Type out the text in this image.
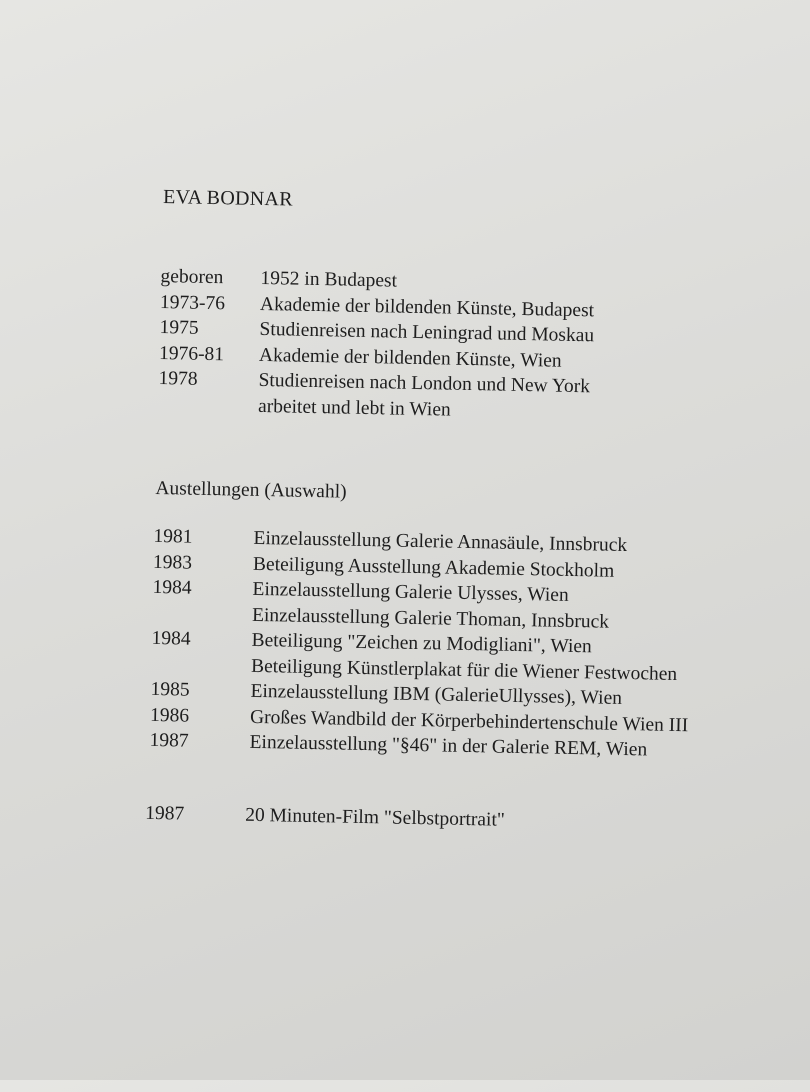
EVA BODNAR
geboren 1952 in Budapest
1973-76 Akademie der bildenden Künste, Budapest
1975	Studienreisen nach Leningrad und Moskau
1976-81 Akademie der bildenden Künste, Wien
1978	Studienreisen nach London und New York
arbeitet und lebt in Wien
Austellungen (Auswahl)
1981	Einzelausstellung Galerie Annasäule, Innsbruck
1983	Beteiligung Ausstellung Akademie Stockholm
1984	Einzelausstellung Galerie Ulysses, Wien
Einzelausstellung Galerie Thoman, Innsbruck
1984	Beteiligung "Zeichen zu Modigliani", Wien
Beteiligung Künstlerplakat für die Wiener Festwochen
1985	Einzelausstellung IBM (GalerieUllysses), Wien
1986	Großes Wandbild der Körperbehindertenschule Wien III
1987	Einzelausstellung "§46" in der Galerie REM, Wien
1987	20 Minuten-Film "Selbstportrait"
